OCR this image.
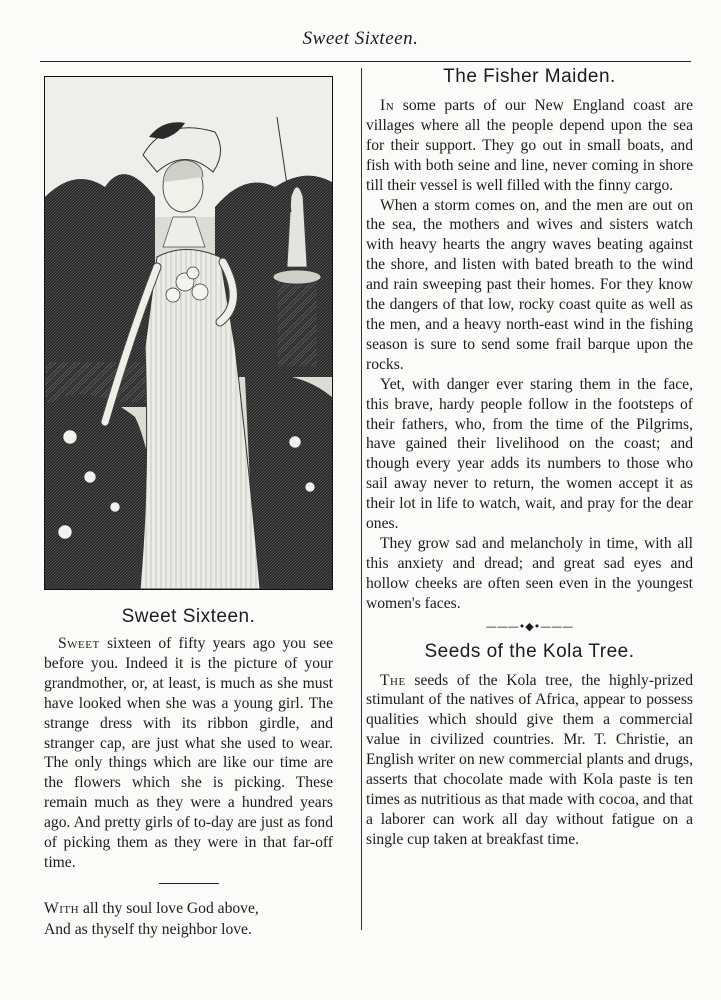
Sweet Sixteen.
Sweet Sixteen.

Sweet sixteen of fifty years ago you see before you. Indeed it is the picture of your grandmother, or, at least, is much as she must have looked when she was a young girl. The strange dress with its ribbon girdle, and stranger cap, are just what she used to wear. The only things which are like our time are the flowers which she is picking. These remain much as they were a hundred years ago. And pretty girls of to-day are just as fond of picking them as they were in that far-off time.

With all thy soul love God above,

And as thyself thy neighbor love.

The Fisher Maiden.

In some parts of our New England coast are villages where all the people depend upon the sea for their support. They go out in small boats, and fish with both seine and line, never coming in shore till their vessel is well filled with the finny cargo.

When a storm comes on, and the men are out on the sea, the mothers and wives and sisters watch with heavy hearts the angry waves beating against the shore, and listen with bated breath to the wind and rain sweeping past their homes. For they know the dangers of that low, rocky coast quite as well as the men, and a heavy north-east wind in the fishing season is sure to send some frail barque upon the rocks.

Yet, with danger ever staring them in the face, this brave, hardy people follow in the footsteps of their fathers, who, from the time of the Pilgrims, have gained their livelihood on the coast; and though every year adds its numbers to those who sail away never to return, the women accept it as their lot in life to watch, wait, and pray for the dear ones.

They grow sad and melancholy in time, with all this anxiety and dread; and great sad eyes and hollow cheeks are often seen even in the youngest women's faces.

———•◆•———
Seeds of the Kola Tree.

The seeds of the Kola tree, the highly-prized stimulant of the natives of Africa, appear to possess qualities which should give them a commercial value in civilized countries. Mr. T. Christie, an English writer on new commercial plants and drugs, asserts that chocolate made with Kola paste is ten times as nutritious as that made with cocoa, and that a laborer can work all day without fatigue on a single cup taken at breakfast time.
